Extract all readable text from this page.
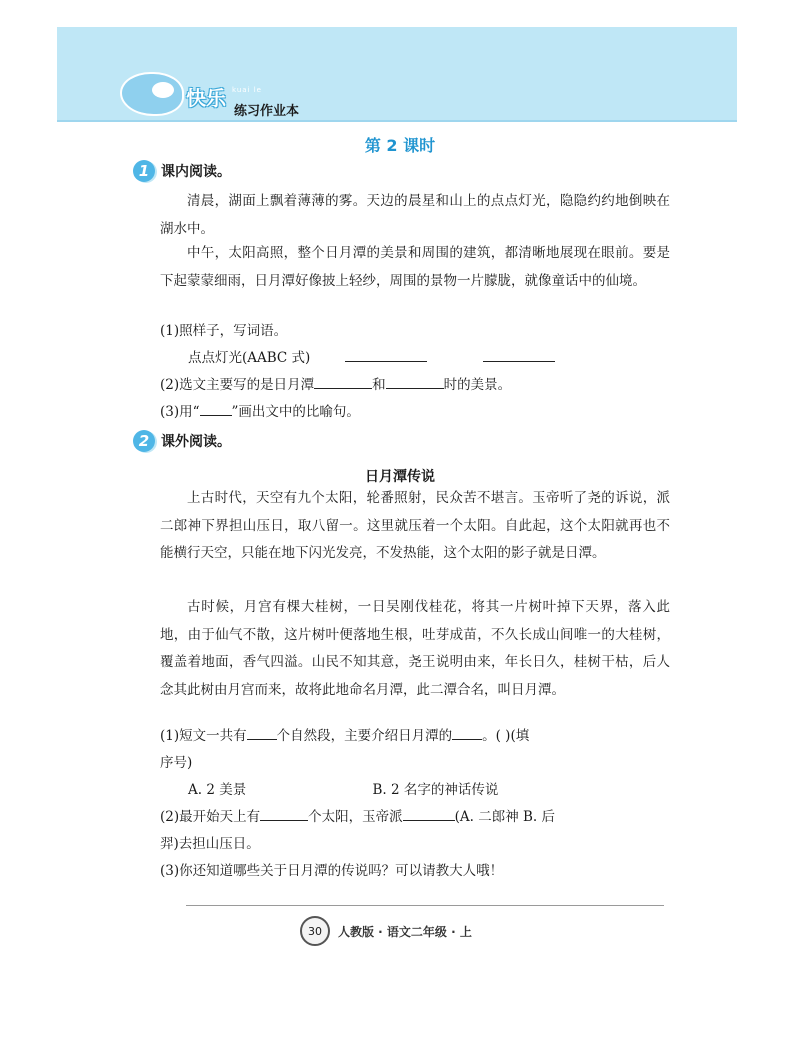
快乐 kuai le
练习作业本
第 2 课时
1 课内阅读。

清晨，湖面上飘着薄薄的雾。天边的晨星和山上的点点灯光，隐隐约约地倒映在湖水中。

中午，太阳高照，整个日月潭的美景和周围的建筑，都清晰地展现在眼前。要是下起蒙蒙细雨，日月潭好像披上轻纱，周围的景物一片朦胧，就像童话中的仙境。

(1)照样子，写词语。
点点灯光(AABC 式)
(2)选文主要写的是日月潭	和	时的美景。
(3)用“ ”画出文中的比喻句。
2 课外阅读。
日月潭传说

上古时代，天空有九个太阳，轮番照射，民众苦不堪言。玉帝听了尧的诉说，派二郎神下界担山压日，取八留一。这里就压着一个太阳。自此起，这个太阳就再也不能横行天空，只能在地下闪光发亮，不发热能，这个太阳的影子就是日潭。

古时候，月宫有棵大桂树，一日吴刚伐桂花，将其一片树叶掉下天界，落入此地，由于仙气不散，这片树叶便落地生根，吐芽成苗，不久长成山间唯一的大桂树，覆盖着地面，香气四溢。山民不知其意，尧王说明由来，年长日久，桂树干枯，后人念其此树由月宫而来，故将此地命名月潭，此二潭合名，叫日月潭。

(1)短文一共有 个自然段，主要介绍日月潭的 。( )(填
序号)
A. 2 美景	B. 2 名字的神话传说
(2)最开始天上有	个太阳，玉帝派	(A. 二郎神 B. 后
羿)去担山压日。
(3)你还知道哪些关于日月潭的传说吗？可以请教大人哦！
30	人教版 · 语文二年级 · 上
